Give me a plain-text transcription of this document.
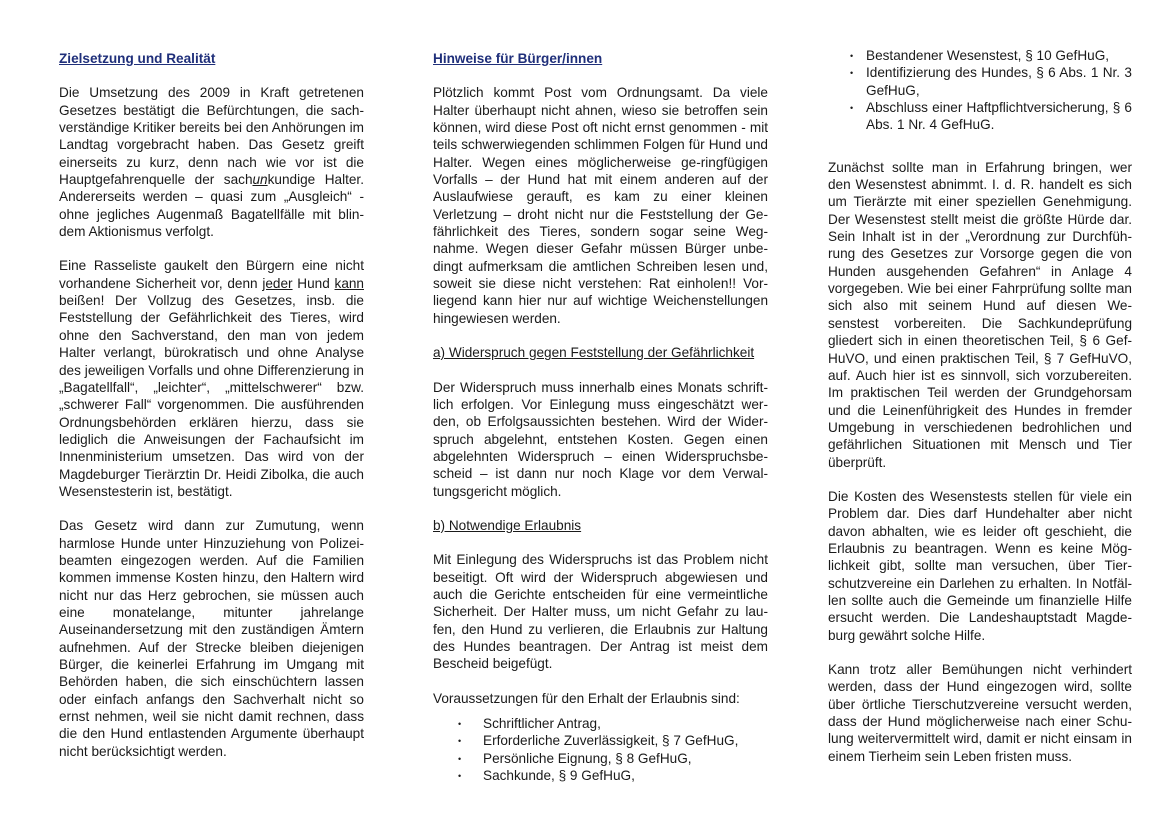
Zielsetzung und Realität

Die Umsetzung des 2009 in Kraft getretenen Gesetzes bestätigt die Befürchtungen, die sach-verständige Kritiker bereits bei den Anhörungen im Landtag vorgebracht haben. Das Gesetz greift einerseits zu kurz, denn nach wie vor ist die Hauptgefahrenquelle der sachunkundige Halter. Andererseits werden – quasi zum „Ausgleich“ - ohne jegliches Augenmaß Bagatellfälle mit blin-dem Aktionismus verfolgt.

Eine Rasseliste gaukelt den Bürgern eine nicht vorhandene Sicherheit vor, denn jeder Hund kann beißen! Der Vollzug des Gesetzes, insb. die Feststellung der Gefährlichkeit des Tieres, wird ohne den Sachverstand, den man von jedem Halter verlangt, bürokratisch und ohne Analyse des jeweiligen Vorfalls und ohne Differenzierung in „Bagatellfall“, „leichter“, „mittelschwerer“ bzw. „schwerer Fall“ vorgenommen. Die ausführenden Ordnungsbehörden erklären hierzu, dass sie lediglich die Anweisungen der Fachaufsicht im Innenministerium umsetzen. Das wird von der Magdeburger Tierärztin Dr. Heidi Zibolka, die auch Wesenstesterin ist, bestätigt.

Das Gesetz wird dann zur Zumutung, wenn harmlose Hunde unter Hinzuziehung von Polizei-beamten eingezogen werden. Auf die Familien kommen immense Kosten hinzu, den Haltern wird nicht nur das Herz gebrochen, sie müssen auch eine monatelange, mitunter jahrelange Auseinandersetzung mit den zuständigen Ämtern aufnehmen. Auf der Strecke bleiben diejenigen Bürger, die keinerlei Erfahrung im Umgang mit Behörden haben, die sich einschüchtern lassen oder einfach anfangs den Sachverhalt nicht so ernst nehmen, weil sie nicht damit rechnen, dass die den Hund entlastenden Argumente überhaupt nicht berücksichtigt werden.

Hinweise für Bürger/innen

Plötzlich kommt Post vom Ordnungsamt. Da viele Halter überhaupt nicht ahnen, wieso sie betroffen sein können, wird diese Post oft nicht ernst genommen - mit teils schwerwiegenden schlimmen Folgen für Hund und Halter. Wegen eines möglicherweise ge-ringfügigen Vorfalls – der Hund hat mit einem anderen auf der Auslaufwiese gerauft, es kam zu einer kleinen Verletzung – droht nicht nur die Feststellung der Ge-fährlichkeit des Tieres, sondern sogar seine Weg-nahme. Wegen dieser Gefahr müssen Bürger unbe-dingt aufmerksam die amtlichen Schreiben lesen und, soweit sie diese nicht verstehen: Rat einholen!! Vor-liegend kann hier nur auf wichtige Weichenstellungen hingewiesen werden.

a) Widerspruch gegen Feststellung der Gefährlichkeit

Der Widerspruch muss innerhalb eines Monats schrift-lich erfolgen. Vor Einlegung muss eingeschätzt wer-den, ob Erfolgsaussichten bestehen. Wird der Wider-spruch abgelehnt, entstehen Kosten. Gegen einen abgelehnten Widerspruch – einen Widerspruchsbe-scheid – ist dann nur noch Klage vor dem Verwal-tungsgericht möglich.

b) Notwendige Erlaubnis

Mit Einlegung des Widerspruchs ist das Problem nicht beseitigt. Oft wird der Widerspruch abgewiesen und auch die Gerichte entscheiden für eine vermeintliche Sicherheit. Der Halter muss, um nicht Gefahr zu lau-fen, den Hund zu verlieren, die Erlaubnis zur Haltung des Hundes beantragen. Der Antrag ist meist dem Bescheid beigefügt.

Voraussetzungen für den Erhalt der Erlaubnis sind:

• Schriftlicher Antrag,
• Erforderliche Zuverlässigkeit, § 7 GefHuG,
• Persönliche Eignung, § 8 GefHuG,
• Sachkunde, § 9 GefHuG,
• Bestandener Wesenstest, § 10 GefHuG,
• Identifizierung des Hundes, § 6 Abs. 1 Nr. 3 GefHuG,
• Abschluss einer Haftpflichtversicherung, § 6 Abs. 1 Nr. 4 GefHuG.

Zunächst sollte man in Erfahrung bringen, wer den Wesenstest abnimmt. I. d. R. handelt es sich um Tierärzte mit einer speziellen Genehmigung. Der Wesenstest stellt meist die größte Hürde dar. Sein Inhalt ist in der „Verordnung zur Durchfüh-rung des Gesetzes zur Vorsorge gegen die von Hunden ausgehenden Gefahren“ in Anlage 4 vorgegeben. Wie bei einer Fahrprüfung sollte man sich also mit seinem Hund auf diesen We-senstest vorbereiten. Die Sachkundeprüfung gliedert sich in einen theoretischen Teil, § 6 Gef-HuVO, und einen praktischen Teil, § 7 GefHuVO, auf. Auch hier ist es sinnvoll, sich vorzubereiten. Im praktischen Teil werden der Grundgehorsam und die Leinenführigkeit des Hundes in fremder Umgebung in verschiedenen bedrohlichen und gefährlichen Situationen mit Mensch und Tier überprüft.

Die Kosten des Wesenstests stellen für viele ein Problem dar. Dies darf Hundehalter aber nicht davon abhalten, wie es leider oft geschieht, die Erlaubnis zu beantragen. Wenn es keine Mög-lichkeit gibt, sollte man versuchen, über Tier-schutzvereine ein Darlehen zu erhalten. In Notfäl-len sollte auch die Gemeinde um finanzielle Hilfe ersucht werden. Die Landeshauptstadt Magde-burg gewährt solche Hilfe.

Kann trotz aller Bemühungen nicht verhindert werden, dass der Hund eingezogen wird, sollte über örtliche Tierschutzvereine versucht werden, dass der Hund möglicherweise nach einer Schu-lung weitervermittelt wird, damit er nicht einsam in einem Tierheim sein Leben fristen muss.
